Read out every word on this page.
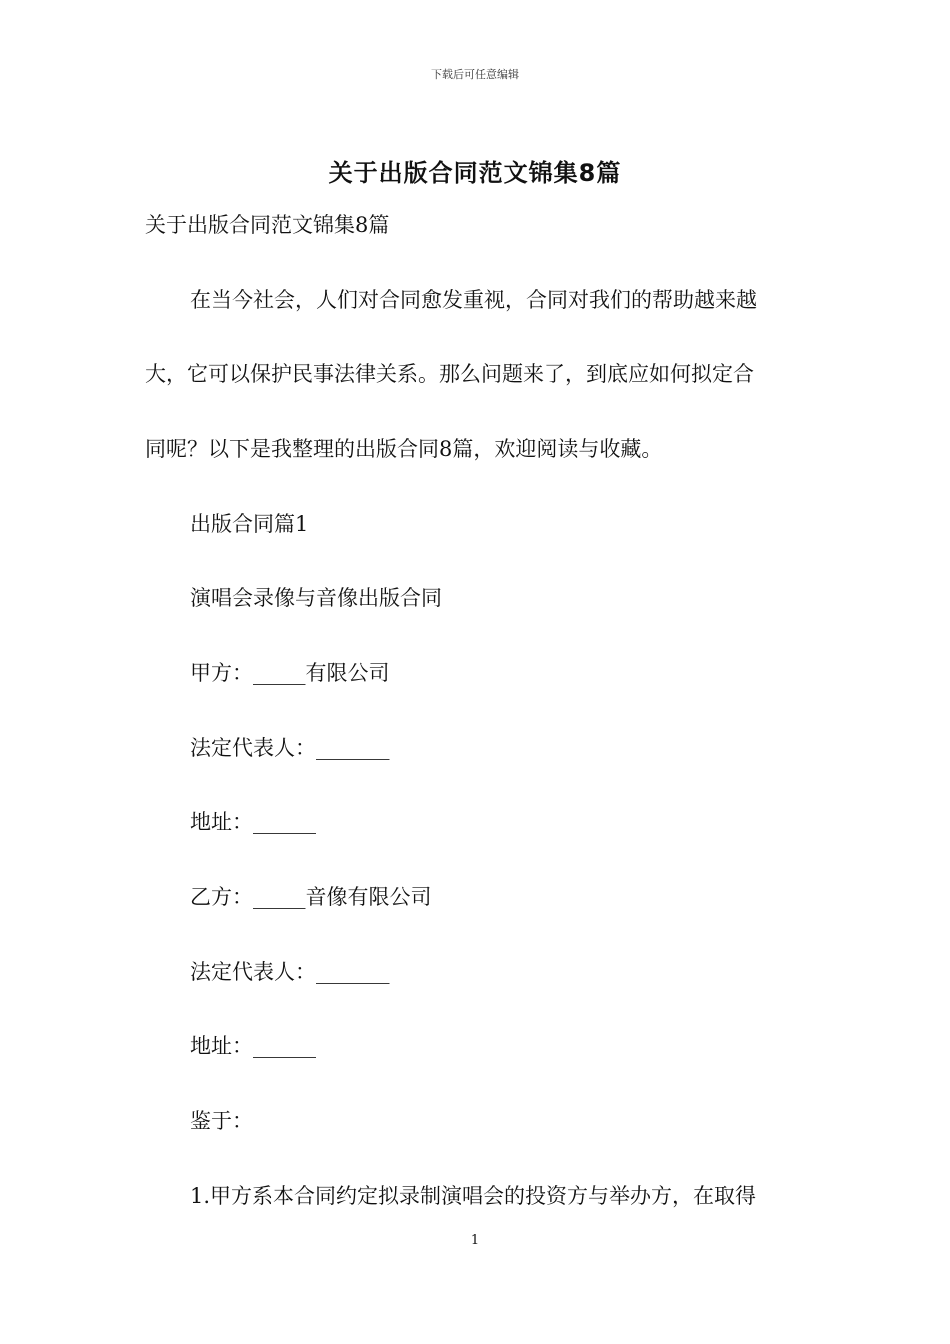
下载后可任意编辑
关于出版合同范文锦集8篇
关于出版合同范文锦集8篇
在当今社会，人们对合同愈发重视，合同对我们的帮助越来越
大，它可以保护民事法律关系。那么问题来了，到底应如何拟定合
同呢？以下是我整理的出版合同8篇，欢迎阅读与收藏。
出版合同篇1
演唱会录像与音像出版合同
甲方：_____有限公司
法定代表人：_______
地址：______
乙方：_____音像有限公司
法定代表人：_______
地址：______
鉴于：
1.甲方系本合同约定拟录制演唱会的投资方与举办方，在取得
1
